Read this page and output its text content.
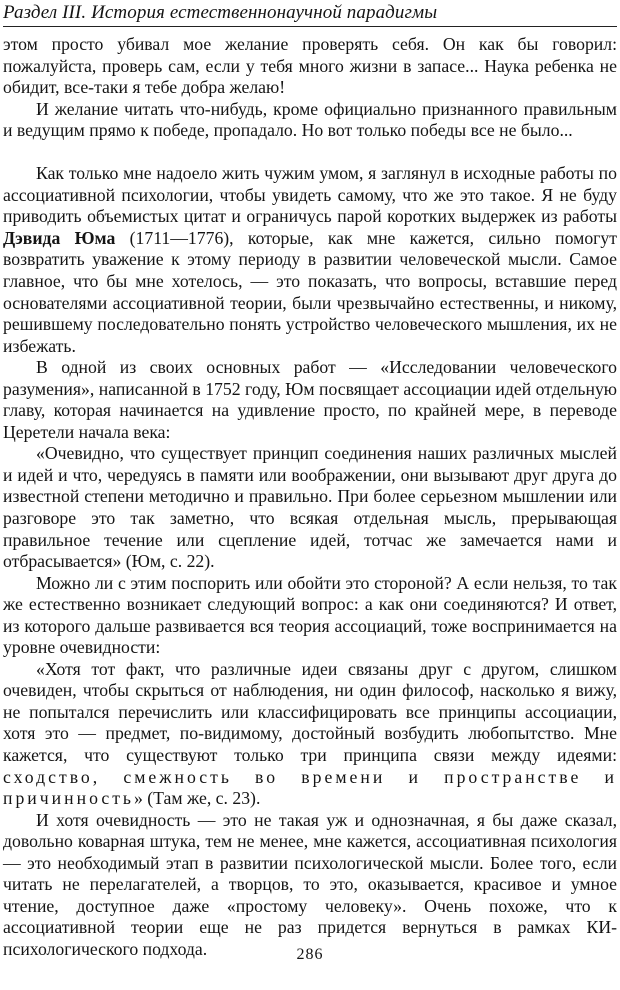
Раздел III. История естественнонаучной парадигмы

этом просто убивал мое желание проверять себя. Он как бы говорил: пожалуйста, проверь сам, если у тебя много жизни в запасе... Наука ребенка не обидит, все-таки я тебе добра желаю!

И желание читать что-нибудь, кроме официально признанного правильным и ведущим прямо к победе, пропадало. Но вот только победы все не было...

Как только мне надоело жить чужим умом, я заглянул в исходные работы по ассоциативной психологии, чтобы увидеть самому, что же это такое. Я не буду приводить объемистых цитат и ограничусь парой коротких выдержек из работы Дэвида Юма (1711—1776), которые, как мне кажется, сильно помогут возвратить уважение к этому периоду в развитии человеческой мысли. Самое главное, что бы мне хотелось, — это показать, что вопросы, вставшие перед основателями ассоциативной теории, были чрезвычайно естественны, и никому, решившему последовательно понять устройство человеческого мышления, их не избежать.

В одной из своих основных работ — «Исследовании человеческого разумения», написанной в 1752 году, Юм посвящает ассоциации идей отдельную главу, которая начинается на удивление просто, по крайней мере, в переводе Церетели начала века:

«Очевидно, что существует принцип соединения наших различных мыслей и идей и что, чередуясь в памяти или воображении, они вызывают друг друга до известной степени методично и правильно. При более серьезном мышлении или разговоре это так заметно, что всякая отдельная мысль, прерывающая правильное течение или сцепление идей, тотчас же замечается нами и отбрасывается» (Юм, с. 22).

Можно ли с этим поспорить или обойти это стороной? А если нельзя, то так же естественно возникает следующий вопрос: а как они соединяются? И ответ, из которого дальше развивается вся теория ассоциаций, тоже воспринимается на уровне очевидности:

«Хотя тот факт, что различные идеи связаны друг с другом, слишком очевиден, чтобы скрыться от наблюдения, ни один философ, насколько я вижу, не попытался перечислить или классифицировать все принципы ассоциации, хотя это — предмет, по-видимому, достойный возбудить любопытство. Мне кажется, что существуют только три принципа связи между идеями: сходство, смежность во времени и пространстве и причинность» (Там же, с. 23).

И хотя очевидность — это не такая уж и однозначная, я бы даже сказал, довольно коварная штука, тем не менее, мне кажется, ассоциативная психология — это необходимый этап в развитии психологической мысли. Более того, если читать не перелагателей, а творцов, то это, оказывается, красивое и умное чтение, доступное даже «простому человеку». Очень похоже, что к ассоциативной теории еще не раз придется вернуться в рамках КИ-психологического подхода.	286
